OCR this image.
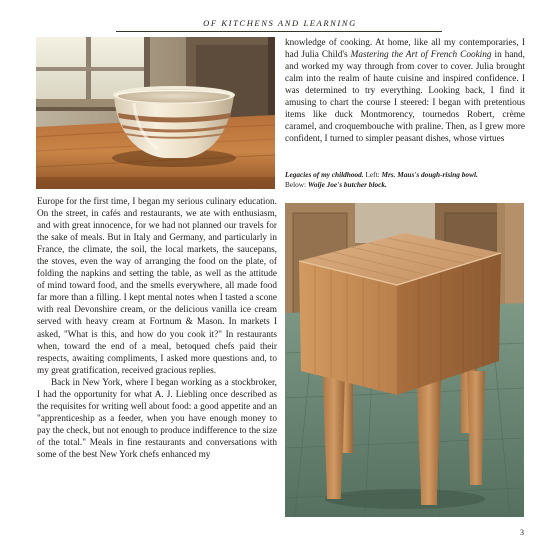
OF KITCHENS AND LEARNING

knowledge of cooking. At home, like all my contemporaries, I had Julia Child's Mastering the Art of French Cooking in hand, and worked my way through from cover to cover. Julia brought calm into the realm of haute cuisine and inspired confidence. I was determined to try everything. Looking back, I find it amusing to chart the course I steered: I began with pretentious items like duck Montmorency, tournedos Robert, crème caramel, and croquembouche with praline. Then, as I grew more confident, I turned to simpler peasant dishes, whose virtues

Legacies of my childhood. Left: Mrs. Maus's dough-rising bowl.
Below: Woije Joe's butcher block.

Europe for the first time, I began my serious culinary education. On the street, in cafés and restaurants, we ate with enthusiasm, and with great innocence, for we had not planned our travels for the sake of meals. But in Italy and Germany, and particularly in France, the climate, the soil, the local markets, the saucepans, the stoves, even the way of arranging the food on the plate, of folding the napkins and setting the table, as well as the attitude of mind toward food, and the smells everywhere, all made food far more than a filling. I kept mental notes when I tasted a scone with real Devonshire cream, or the delicious vanilla ice cream served with heavy cream at Fortnum & Mason. In markets I asked, "What is this, and how do you cook it?" In restaurants when, toward the end of a meal, betoqued chefs paid their respects, awaiting compliments, I asked more questions and, to my great gratification, received gracious replies.
Back in New York, where I began working as a stockbroker, I had the opportunity for what A. J. Liebling once described as the requisites for writing well about food: a good appetite and an "apprenticeship as a feeder, when you have enough money to pay the check, but not enough to produce indifference to the size of the total." Meals in fine restaurants and conversations with some of the best New York chefs enhanced my
3
